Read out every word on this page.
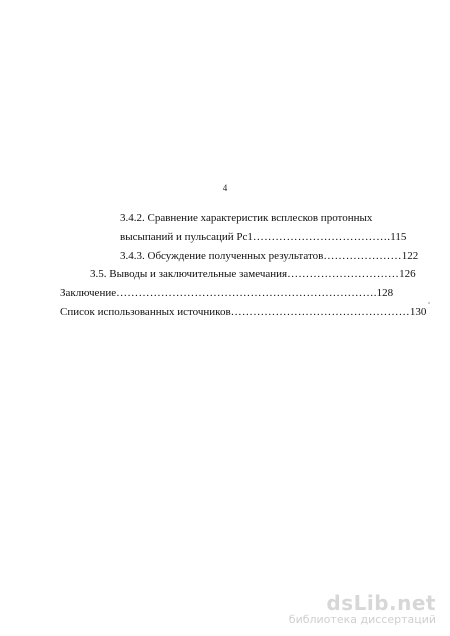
4
3.4.2. Сравнение характеристик всплесков протонных
высыпаний и пульсаций Pc1……………………………….115
3.4.3. Обсуждение полученных результатов…………………122
3.5. Выводы и заключительные замечания…………………………126
Заключение…………………………………………………………….128
Список использованных источников…………………………………………130
dsLib.net
библиотека диссертаций
